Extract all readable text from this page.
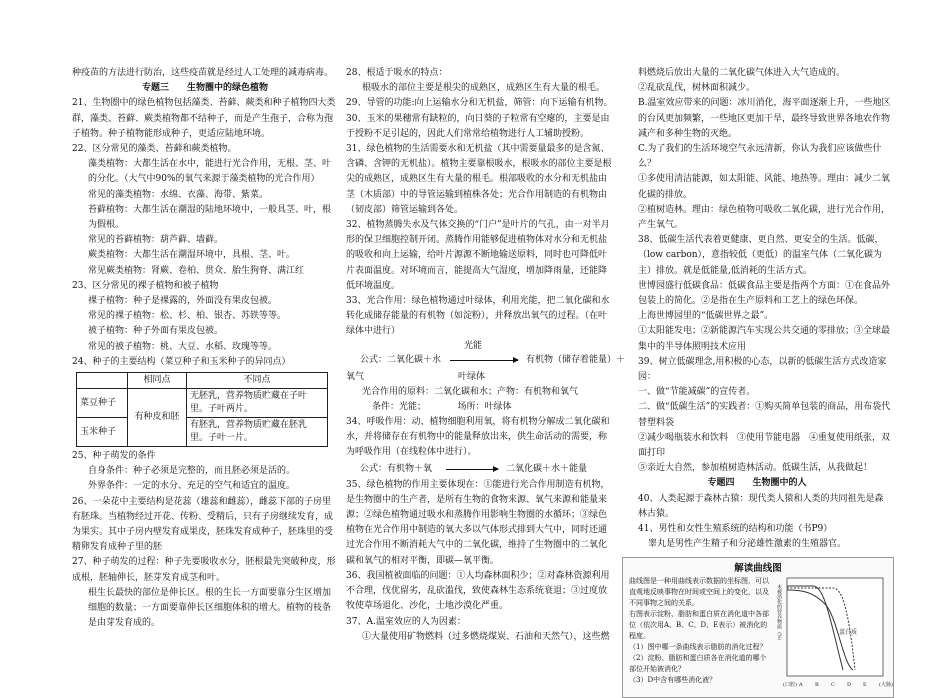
种疫苗的方法进行防治，这些疫苗就是经过人工处理的减毒病毒。

专题三　　生物圈中的绿色植物

21、生物圈中的绿色植物包括藻类、苔藓、蕨类和种子植物四大类群，藻类、苔藓、蕨类植物都不结种子，而是产生孢子，合称为孢子植物。种子植物能形成种子，更适应陆地环境。

22、区分常见的藻类、苔藓和蕨类植物。

藻类植物：大都生活在水中，能进行光合作用，无根、茎、叶的分化。（大气中90%的氧气来源于藻类植物的光合作用）

常见的藻类植物：水绵、衣藻、海带、紫菜。

苔藓植物：大都生活在潮湿的陆地环境中，一般具茎、叶，根为假根。

常见的苔藓植物：葫芦藓、墙藓。

蕨类植物：大都生活在潮湿环境中，具根、茎、叶。

常见蕨类植物：肾蕨、卷柏、贯众、胎生狗脊、满江红

23、区分常见的裸子植物和被子植物

裸子植物：种子是裸露的，外面没有果皮包被。

常见的裸子植物：松、杉、柏、银杏、苏铁等等。

被子植物：种子外面有果皮包被。

常见的被子植物：桃、大豆、水稻、玫瑰等等。

24、种子的主要结构（菜豆种子和玉米种子的异同点）

	相同点	不同点
菜豆种子	有种皮和胚	无胚乳，营养物质贮藏在子叶里。子叶两片。
玉米种子		有胚乳，营养物质贮藏在胚乳里。子叶一片。

25、种子萌发的条件

自身条件：种子必须是完整的，而且胚必须是活的。

外界条件：一定的水分、充足的空气和适宜的温度。

26、一朵花中主要结构是花蕊（雄蕊和雌蕊），雌蕊下部的子房里有胚珠。当植物经过开花、传粉、受精后，只有子房继续发育，成为果实。其中子房内壁发育成果皮，胚珠发育成种子，胚珠里的受精卵发育成种子里的胚

27、种子萌发的过程：种子先要吸收水分，胚根最先突破种皮，形成根，胚轴伸长，胚芽发育成茎和叶。

根生长最快的部位是伸长区。根的生长一方面要靠分生区增加细胞的数量；一方面要靠伸长区细胞体积的增大。植物的枝条是由芽发育成的。

28、根适于吸水的特点：

根吸水的部位主要是根尖的成熟区，成熟区生有大量的根毛。

29、导管的功能:向上运输水分和无机盐，筛管：向下运输有机物。

30、玉米的果穗常有缺粒的，向日葵的子粒常有空瘪的，主要是由于授粉不足引起的，因此人们常常给植物进行人工辅助授粉。

31、绿色植物的生活需要水和无机盐（其中需要量最多的是含氮、含磷、含钾的无机盐）。植物主要靠根吸水，根吸水的部位主要是根尖的成熟区，成熟区生有大量的根毛。根部吸收的水分和无机盐由茎（木质部）中的导管运输到植株各处；光合作用制造的有机物由（韧皮部）筛管运输到各处。

32、植物蒸腾失水及气体交换的“门户”是叶片的气孔，由一对半月形的保卫细胞控制开闭。蒸腾作用能够促进植物体对水分和无机盐的吸收和向上运输，给叶片源源不断地输送原料，同时也可降低叶片表面温度。对环境而言，能提高大气湿度，增加降雨量，还能降低环境温度。

33、光合作用：绿色植物通过叶绿体，利用光能，把二氧化碳和水转化成储存能量的有机物（如淀粉），并释放出氧气的过程。（在叶绿体中进行）

光能
公式：二氧化碳＋水	有机物（储存着能量）＋
氧气	叶绿体

光合作用的原料：二氧化碳和水；产物：有机物和氧气

条件：光能；　　　　场所：叶绿体

34、呼吸作用：动、植物细胞利用氧，将有机物分解成二氧化碳和水，并将储存在有机物中的能量释放出来，供生命活动的需要，称为呼吸作用（在线粒体中进行）。

公式：有机物＋氧	二氧化碳＋水＋能量

35、绿色植物的作用主要体现在：①能进行光合作用制造有机物，是生物圈中的生产者，是所有生物的食物来源、氧气来源和能量来源；②绿色植物通过吸水和蒸腾作用影响生物圈的水循环；③绿色植物在光合作用中制造的氧大多以气体形式排到大气中，同时还通过光合作用不断消耗大气中的二氧化碳，维持了生物圈中的二氧化碳和氧气的相对平衡，即碳—氧平衡。

36、我国植被面临的问题：①人均森林面积少；②对森林资源利用不合理，伐优留劣，乱砍滥伐，致使森林生态系统衰退；③过度放牧使草场退化、沙化，土地沙漠化严重。

37、A.温室效应的人为因素：

①大量使用矿物燃料（过多燃烧煤炭、石油和天然气），这些燃

料燃烧后放出大量的二氧化碳气体进入大气造成的。

②乱砍乱伐，树林面积减少。

B.温室效应带来的问题：冰川消化，海平面逐渐上升，一些地区的台风更加频繁，一些地区更加干旱，最终导致世界各地农作物减产和多种生物的灭绝。

C.为了我们的生活环境空气永远清新，你认为我们应该做些什么？

①多使用清洁能源，如太阳能、风能、地热等。理由：减少二氧化碳的排放。

②植树造林。理由：绿色植物可吸收二氧化碳，进行光合作用，产生氧气。

38、低碳生活代表着更健康、更自然、更安全的生活。低碳，（low carbon），意指较低（更低）的温室气体（二氧化碳为主）排放。就是低能量,低消耗的生活方式。

世博园盛行低碳食品：低碳食品主要是指两个方面：①在食品外包装上的简化。②是指在生产原料和工艺上的绿色环保。

上海世博园里的“低碳世界之最”。

①太阳能发电；②新能源汽车实现公共交通的零排放；③全球最集中的半导体照明技术应用

39、树立低碳理念,用积极的心态，以新的低碳生活方式改造家园：

一、做“节能减碳”的宣传者。

二、做“低碳生活”的实践者：①购买简单包装的商品，用布袋代替塑料袋

②减少喝瓶装水和饮料　③使用节能电器　④重复使用纸张，双面打印

⑤亲近大自然，参加植树造林活动。低碳生活，从我做起！

专题四　　生物圈中的人

40、人类起源于森林古猿：现代类人猿和人类的共同祖先是森林古猿。

41、男性和女性生殖系统的结构和功能（书P9）

睾丸是男性产生精子和分泌雄性激素的生殖器官。

解读曲线图
曲线图是一种用曲线表示数据的坐标图，可以直观地反映事物在时间或空间上的变化，以及不同事物之间的关系。
右图表示淀粉、脂肪和蛋白质在消化道中各部位（依次用A、B、C、D、E表示）被消化的程度。
（1）图中哪一条曲线表示脂肪的消化过程？
（2）淀粉、脂肪和蛋白质各在消化道的哪个部位开始被消化？
（3）D中含有哪些消化液？
未被消化的营养物质（%）	蛋白质
(口腔) A B C D E (大肠)
